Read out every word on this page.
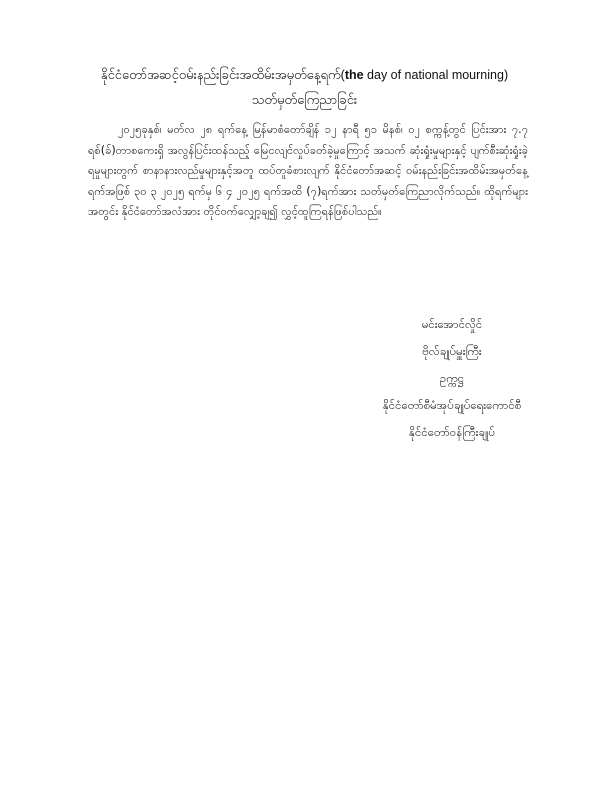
နိုင်ငံတော်အဆင့်ဝမ်းနည်းခြင်းအထိမ်းအမှတ်နေ့ရက်(the day of national mourning)
သတ်မှတ်ကြေညာခြင်း
၂၀၂၅ခုနှစ်၊ မတ်လ ၂၈ ရက်နေ့ မြန်မာစံတော်ချိန် ၁၂ နာရီ ၅၁ မိနစ်၊ ၀၂ စက္ကန့်တွင် ပြင်းအား ၇.၇ ရစ်(ခ်)တာစကေးရှိ အလွန်ပြင်းထန်သည့် မြေငလျင်လှုပ်ခတ်ခဲ့မှုကြောင့် အသက် ဆုံးရှုံးမှုများနှင့် ပျက်စီးဆုံးရှုံးခဲ့ရမှုများတွက် စာနာနားလည်မှုများနှင့်အတူ ထပ်တူခံစားလျက် နိုင်ငံတော်အဆင့် ဝမ်းနည်းခြင်းအထိမ်းအမှတ်နေ့ရက်အဖြစ် ၃၀ ၃ ၂၀၂၅ ရက်မှ ၆ ၄ ၂၀၂၅ ရက်အထိ (၇)ရက်အား သတ်မှတ်ကြေညာလိုက်သည်။ ထိုရက်များအတွင်း နိုင်ငံတော်အလံအား တိုင်ဝက်လျှော့ချ၍ လွှင့်ထူကြရန်ဖြစ်ပါသည်။
မင်းအောင်လှိုင်
ဗိုလ်ချုပ်မှူးကြီး
ဥက္ကဋ္ဌ
နိုင်ငံတော်စီမံအုပ်ချုပ်ရေးကောင်စီ
နိုင်ငံတော်ဝန်ကြီးချုပ်
